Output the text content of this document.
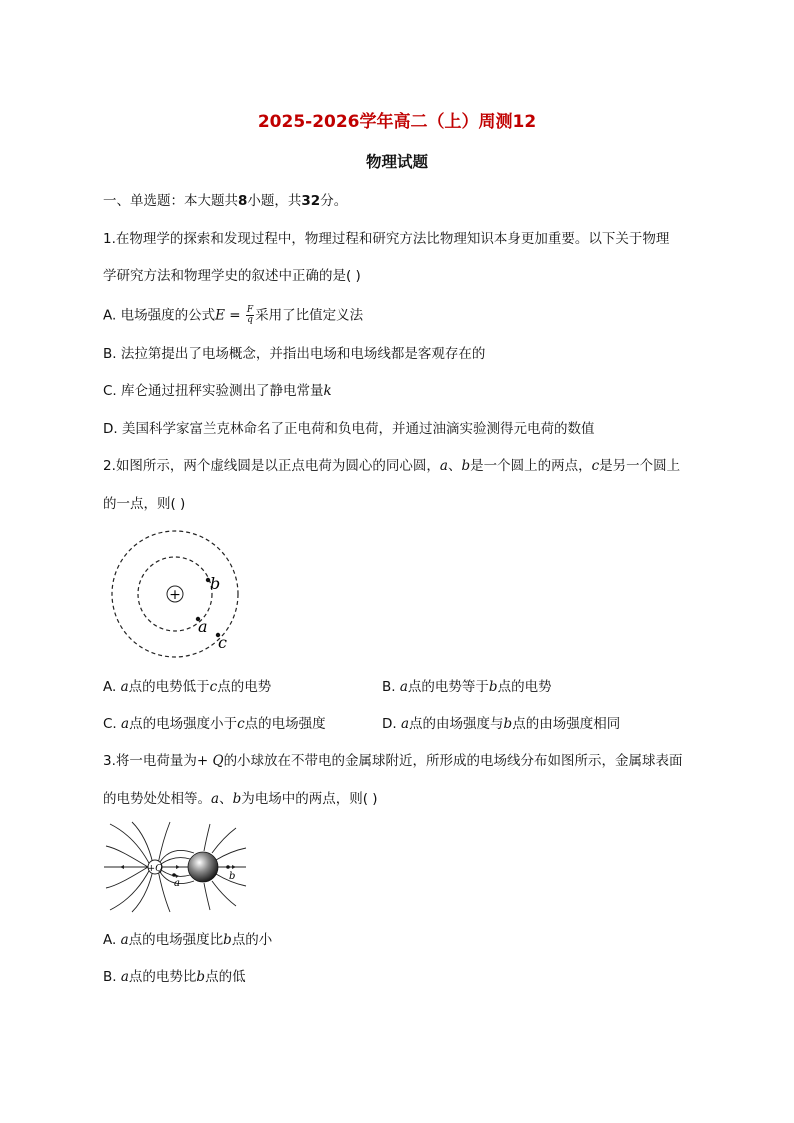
2025-2026学年高二（上）周测12
物理试题
一、单选题：本大题共8小题，共32分。
1.在物理学的探索和发现过程中，物理过程和研究方法比物理知识本身更加重要。以下关于物理
学研究方法和物理学史的叙述中正确的是( )
A. 电场强度的公式$E = \frac{F}{q}$ 采用了比值定义法
B. 法拉第提出了电场概念，并指出电场和电场线都是客观存在的
C. 库仑通过扭秤实验测出了静电常量k
D. 美国科学家富兰克林命名了正电荷和负电荷，并通过油滴实验测得元电荷的数值
2.如图所示，两个虚线圆是以正点电荷为圆心的同心圆，a、b是一个圆上的两点，c是另一个圆上
的一点，则( )
+
b
a
c
A. a点的电势低于c点的电势	B. a点的电势等于b点的电势
C. a点的电场强度小于c点的电场强度	D. a点的由场强度与b点的由场强度相同
3.将一电荷量为+ Q的小球放在不带电的金属球附近，所形成的电场线分布如图所示，金属球表面
的电势处处相等。a、b为电场中的两点，则( )
+Q
a
b
A. a点的电场强度比b点的小
B. a点的电势比b点的低
